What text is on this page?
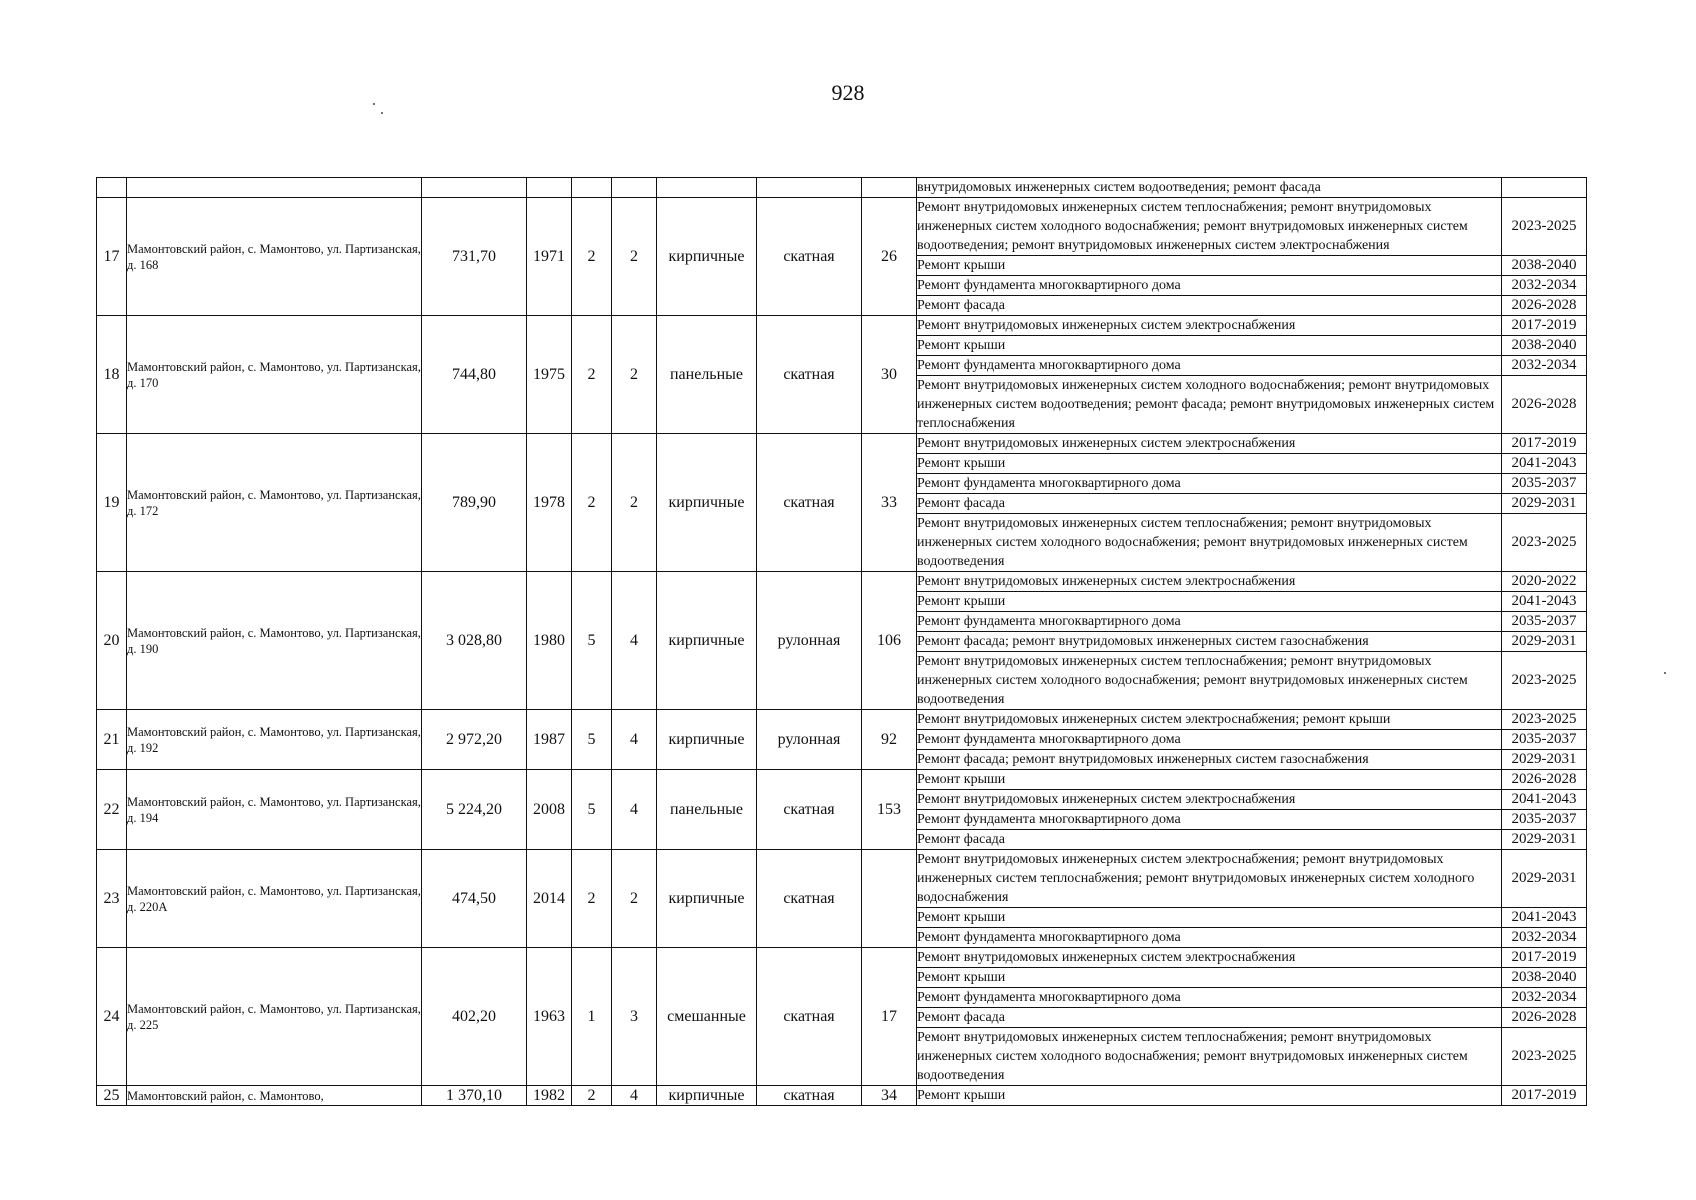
928
									внутридомовых инженерных систем водоотведения; ремонт фасада	
17	Мамонтовский район, с. Мамонтово, ул. Партизанская, д. 168	731,70	1971	2	2	кирпичные	скатная	26	Ремонт внутридомовых инженерных систем теплоснабжения; ремонт внутридомовых инженерных систем холодного водоснабжения; ремонт внутридомовых инженерных систем водоотведения; ремонт внутридомовых инженерных систем электроснабжения	2023-2025
									Ремонт крыши	2038-2040
									Ремонт фундамента многоквартирного дома	2032-2034
									Ремонт фасада	2026-2028
18	Мамонтовский район, с. Мамонтово, ул. Партизанская, д. 170	744,80	1975	2	2	панельные	скатная	30	Ремонт внутридомовых инженерных систем электроснабжения	2017-2019
									Ремонт крыши	2038-2040
									Ремонт фундамента многоквартирного дома	2032-2034
									Ремонт внутридомовых инженерных систем холодного водоснабжения; ремонт внутридомовых инженерных систем водоотведения; ремонт фасада; ремонт внутридомовых инженерных систем теплоснабжения	2026-2028
19	Мамонтовский район, с. Мамонтово, ул. Партизанская, д. 172	789,90	1978	2	2	кирпичные	скатная	33	Ремонт внутридомовых инженерных систем электроснабжения	2017-2019
									Ремонт крыши	2041-2043
									Ремонт фундамента многоквартирного дома	2035-2037
									Ремонт фасада	2029-2031
									Ремонт внутридомовых инженерных систем теплоснабжения; ремонт внутридомовых инженерных систем холодного водоснабжения; ремонт внутридомовых инженерных систем водоотведения	2023-2025
20	Мамонтовский район, с. Мамонтово, ул. Партизанская, д. 190	3 028,80	1980	5	4	кирпичные	рулонная	106	Ремонт внутридомовых инженерных систем электроснабжения	2020-2022
									Ремонт крыши	2041-2043
									Ремонт фундамента многоквартирного дома	2035-2037
									Ремонт фасада; ремонт внутридомовых инженерных систем газоснабжения	2029-2031
									Ремонт внутридомовых инженерных систем теплоснабжения; ремонт внутридомовых инженерных систем холодного водоснабжения; ремонт внутридомовых инженерных систем водоотведения	2023-2025
21	Мамонтовский район, с. Мамонтово, ул. Партизанская, д. 192	2 972,20	1987	5	4	кирпичные	рулонная	92	Ремонт внутридомовых инженерных систем электроснабжения; ремонт крыши	2023-2025
									Ремонт фундамента многоквартирного дома	2035-2037
									Ремонт фасада; ремонт внутридомовых инженерных систем газоснабжения	2029-2031
22	Мамонтовский район, с. Мамонтово, ул. Партизанская, д. 194	5 224,20	2008	5	4	панельные	скатная	153	Ремонт крыши	2026-2028
									Ремонт внутридомовых инженерных систем электроснабжения	2041-2043
									Ремонт фундамента многоквартирного дома	2035-2037
									Ремонт фасада	2029-2031
23	Мамонтовский район, с. Мамонтово, ул. Партизанская, д. 220А	474,50	2014	2	2	кирпичные	скатная		Ремонт внутридомовых инженерных систем электроснабжения; ремонт внутридомовых инженерных систем теплоснабжения; ремонт внутридомовых инженерных систем холодного водоснабжения	2029-2031
									Ремонт крыши	2041-2043
									Ремонт фундамента многоквартирного дома	2032-2034
24	Мамонтовский район, с. Мамонтово, ул. Партизанская, д. 225	402,20	1963	1	3	смешанные	скатная	17	Ремонт внутридомовых инженерных систем электроснабжения	2017-2019
									Ремонт крыши	2038-2040
									Ремонт фундамента многоквартирного дома	2032-2034
									Ремонт фасада	2026-2028
									Ремонт внутридомовых инженерных систем теплоснабжения; ремонт внутридомовых инженерных систем холодного водоснабжения; ремонт внутридомовых инженерных систем водоотведения	2023-2025
25	Мамонтовский район, с. Мамонтово,	1 370,10	1982	2	4	кирпичные	скатная	34	Ремонт крыши	2017-2019
